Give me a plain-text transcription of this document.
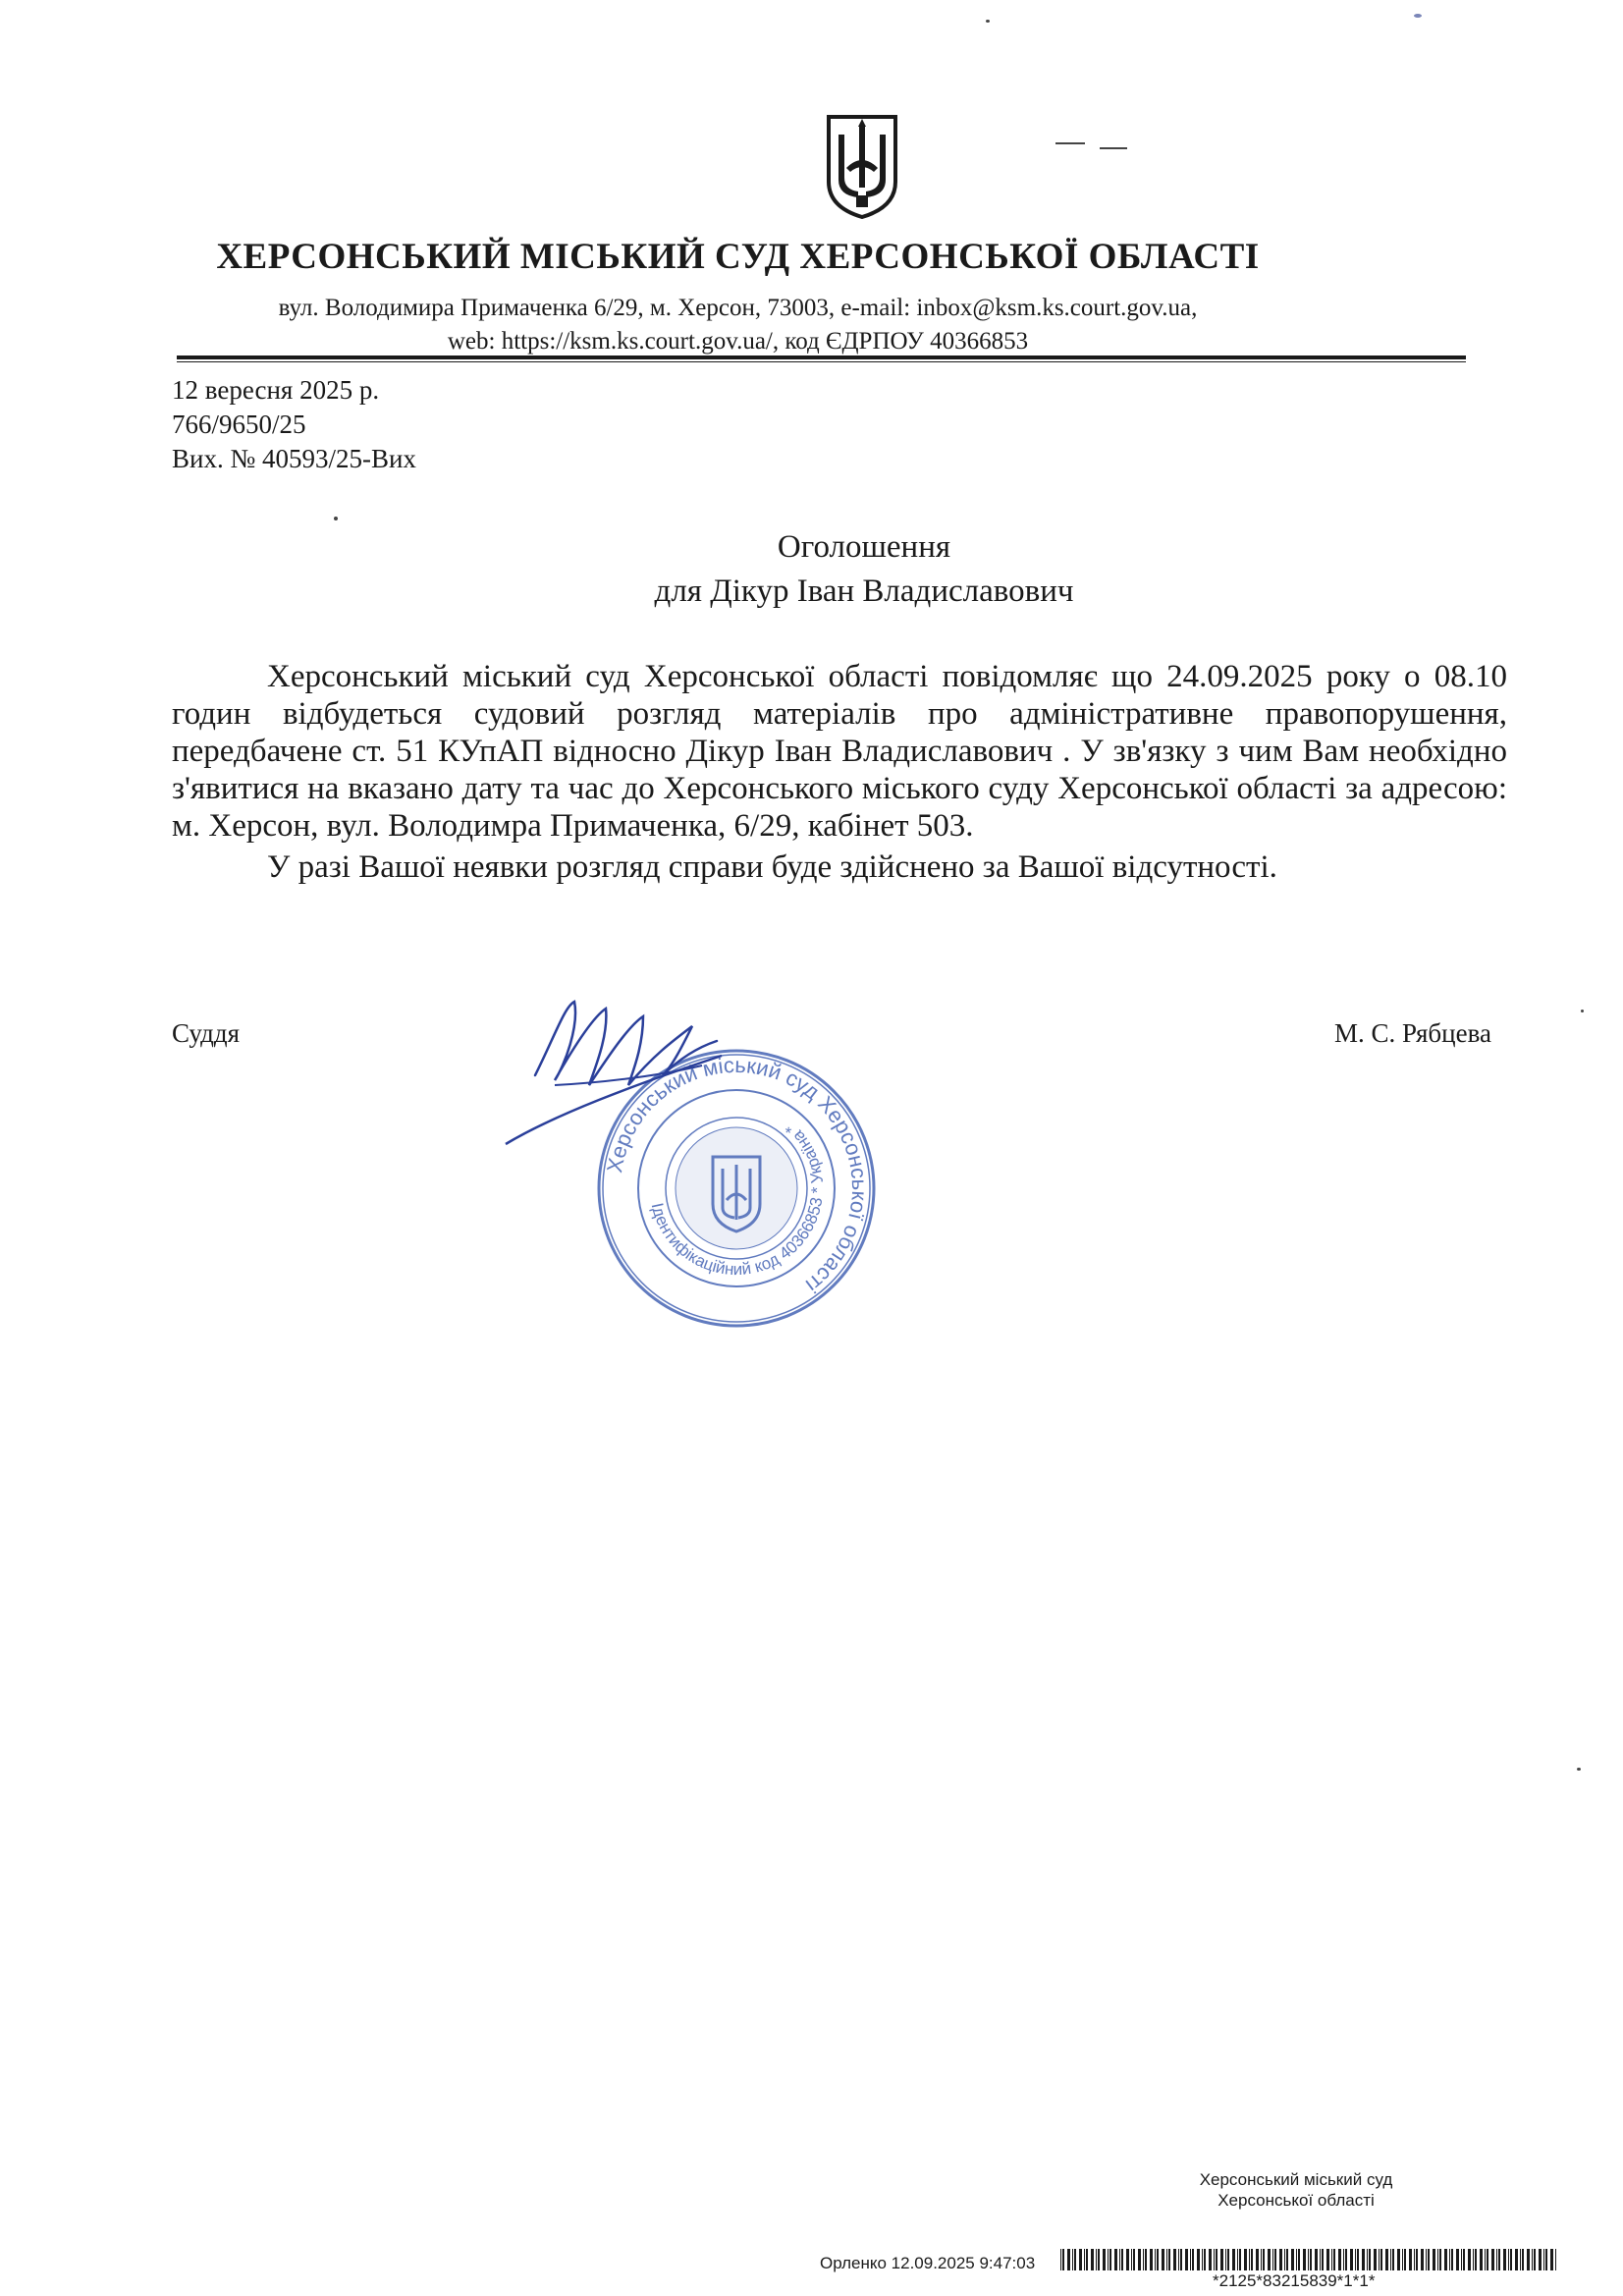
ХЕРСОНСЬКИЙ МІСЬКИЙ СУД ХЕРСОНСЬКОЇ ОБЛАСТІ
вул. Володимира Примаченка 6/29, м. Херсон, 73003, e-mail: inbox@ksm.ks.court.gov.ua,
web: https://ksm.ks.court.gov.ua/, код ЄДРПОУ 40366853
12 вересня 2025 р.
766/9650/25
Вих. № 40593/25-Вих
Оголошення
для Дікур Іван Владиславович

Херсонський міський суд Херсонської області повідомляє що 24.09.2025 року о 08.10 годин відбудеться судовий розгляд матеріалів про адміністративне правопорушення, передбачене ст. 51 КУпАП відносно Дікур Іван Владиславович . У зв'язку з чим Вам необхідно з'явитися на вказано дату та час до Херсонського міського суду Херсонської області за адресою: м. Херсон, вул. Володимра Примаченка, 6/29, кабінет 503.

У разі Вашої неявки розгляд справи буде здійснено за Вашої відсутності.

Суддя	М. С. Рябцева
Херсонський міський суд Херсонської області
Ідентифікаційний код 40366853 * Україна *
Херсонський міський суд
Херсонської області
Орленко 12.09.2025 9:47:03
*2125*83215839*1*1*
